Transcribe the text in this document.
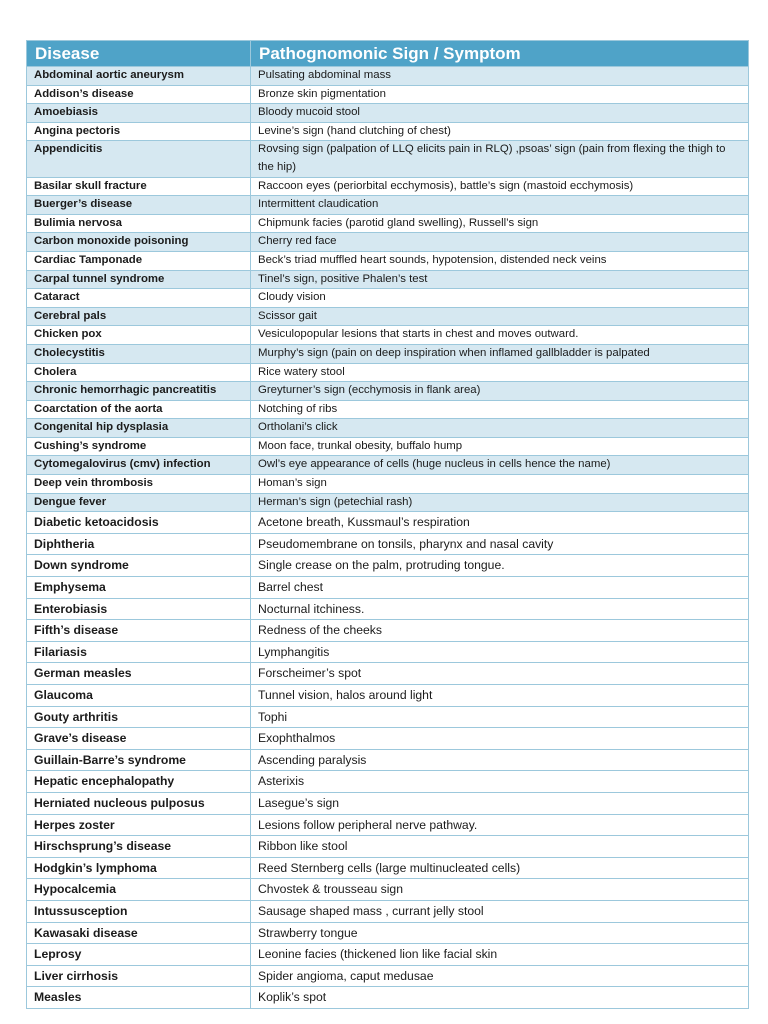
Disease	Pathognomonic Sign / Symptom
Abdominal aortic aneurysm	Pulsating abdominal mass
Addison’s disease	Bronze skin pigmentation
Amoebiasis	Bloody mucoid stool
Angina pectoris	Levine’s sign (hand clutching of chest)
Appendicitis	Rovsing sign (palpation of LLQ elicits pain in RLQ) ,psoas’ sign (pain from flexing the thigh to the hip)
Basilar skull fracture	Raccoon eyes (periorbital ecchymosis), battle’s sign (mastoid ecchymosis)
Buerger’s disease	Intermittent claudication
Bulimia nervosa	Chipmunk facies (parotid gland swelling), Russell’s sign
Carbon monoxide poisoning	Cherry red face
Cardiac Tamponade	Beck’s triad muffled heart sounds, hypotension, distended neck veins
Carpal tunnel syndrome	Tinel’s sign, positive Phalen’s test
Cataract	Cloudy vision
Cerebral pals	Scissor gait
Chicken pox	Vesiculopopular lesions that starts in chest and moves outward.
Cholecystitis	Murphy’s sign (pain on deep inspiration when inflamed gallbladder is palpated
Cholera	Rice watery stool
Chronic hemorrhagic pancreatitis	Greyturner’s sign (ecchymosis in flank area)
Coarctation of the aorta	Notching of ribs
Congenital hip dysplasia	Ortholani’s click
Cushing’s syndrome	Moon face, trunkal obesity, buffalo hump
Cytomegalovirus (cmv) infection	Owl’s eye appearance of cells (huge nucleus in cells hence the name)
Deep vein thrombosis	Homan’s sign
Dengue fever	Herman’s sign (petechial rash)
Diabetic ketoacidosis	Acetone breath, Kussmaul’s respiration
Diphtheria	Pseudomembrane on tonsils, pharynx and nasal cavity
Down syndrome	Single crease on the palm, protruding tongue.
Emphysema	Barrel chest
Enterobiasis	Nocturnal itchiness.
Fifth’s disease	Redness of the cheeks
Filariasis	Lymphangitis
German measles	Forscheimer’s spot
Glaucoma	Tunnel vision, halos around light
Gouty arthritis	Tophi
Grave’s disease	Exophthalmos
Guillain-Barre’s syndrome	Ascending paralysis
Hepatic encephalopathy	Asterixis
Herniated nucleous pulposus	Lasegue’s sign
Herpes zoster	Lesions follow peripheral nerve pathway.
Hirschsprung’s disease	Ribbon like stool
Hodgkin’s lymphoma	Reed Sternberg cells (large multinucleated cells)
Hypocalcemia	Chvostek & trousseau sign
Intussusception	Sausage shaped mass , currant jelly stool
Kawasaki disease	Strawberry tongue
Leprosy	Leonine facies (thickened lion like facial skin
Liver cirrhosis	Spider angioma, caput medusae
Measles	Koplik’s spot
